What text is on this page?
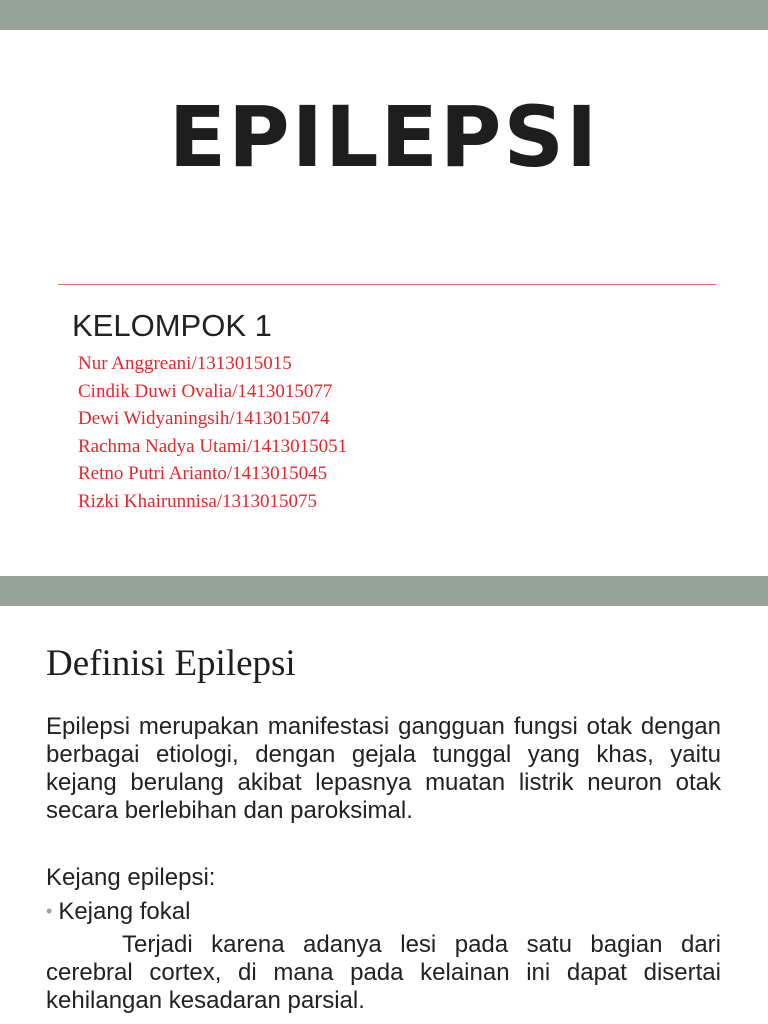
EPILEPSI

KELOMPOK 1

Nur Anggreani/1313015015
Cindik Duwi Ovalia/1413015077
Dewi Widyaningsih/1413015074
Rachma Nadya Utami/1413015051
Retno Putri Arianto/1413015045
Rizki Khairunnisa/1313015075
Definisi Epilepsi

Epilepsi merupakan manifestasi gangguan fungsi otak dengan berbagai etiologi, dengan gejala tunggal yang khas, yaitu kejang berulang akibat lepasnya muatan listrik neuron otak secara berlebihan dan paroksimal.

Kejang epilepsi:

• Kejang fokal

Terjadi karena adanya lesi pada satu bagian dari cerebral cortex, di mana pada kelainan ini dapat disertai kehilangan kesadaran parsial.
